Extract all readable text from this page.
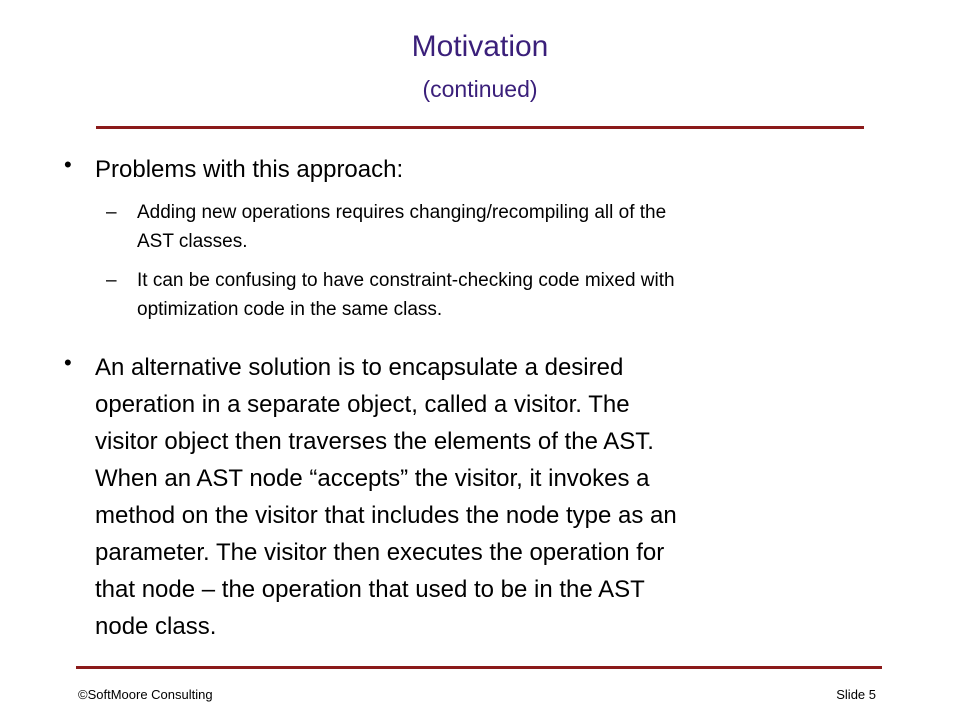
Motivation
(continued)
• Problems with this approach:
– Adding new operations requires changing/recompiling all of the
AST classes.
– It can be confusing to have constraint-checking code mixed with
optimization code in the same class.
• An alternative solution is to encapsulate a desired
operation in a separate object, called a visitor. The
visitor object then traverses the elements of the AST.
When an AST node “accepts” the visitor, it invokes a
method on the visitor that includes the node type as an
parameter. The visitor then executes the operation for
that node – the operation that used to be in the AST
node class.
©SoftMoore Consulting	Slide 5
